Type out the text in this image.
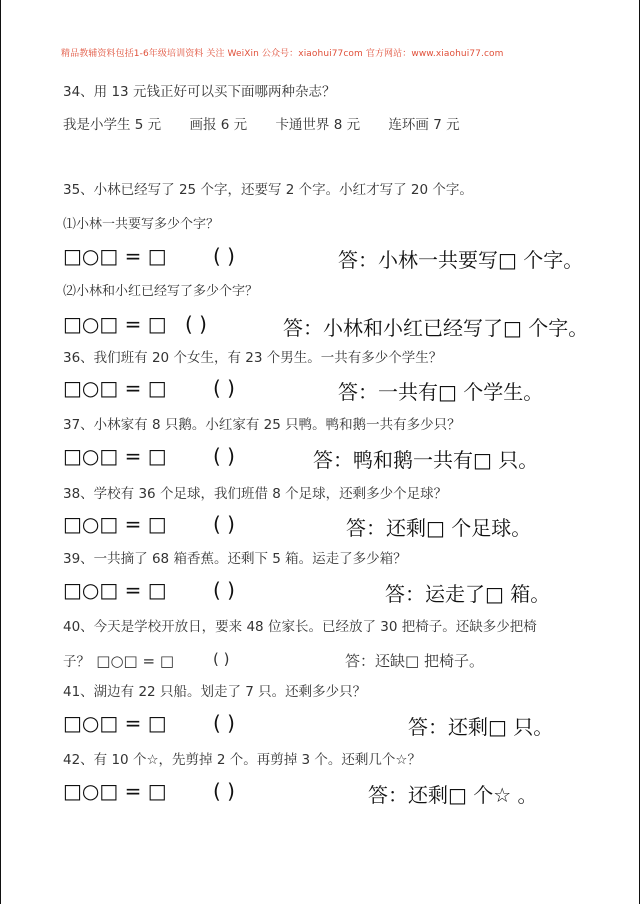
精品教辅资料包括1-6年级培训资料 关注 WeiXin 公众号：xiaohui77com 官方网站：www.xiaohui77.com
34、用 13 元钱正好可以买下面哪两种杂志？
我是小学生 5 元 画报 6 元 卡通世界 8 元 连环画 7 元
35、小林已经写了 25 个字，还要写 2 个字。小红才写了 20 个字。
⑴小林一共要写多少个字？
□○□ = □ ( )	答：小林一共要写□ 个字。
⑵小林和小红已经写了多少个字？
□○□ = □ ( )	答：小林和小红已经写了□ 个字。
36、我们班有 20 个女生，有 23 个男生。一共有多少个学生？
□○□ = □ ( )	答：一共有□ 个学生。
37、小林家有 8 只鹅。小红家有 25 只鸭。鸭和鹅一共有多少只？
□○□ = □ ( )	答：鸭和鹅一共有□ 只。
38、学校有 36 个足球，我们班借 8 个足球，还剩多少个足球？
□○□ = □ ( )	答：还剩□ 个足球。
39、一共摘了 68 箱香蕉。还剩下 5 箱。运走了多少箱？
□○□ = □ ( )	答：运走了□ 箱。
40、今天是学校开放日，要来 48 位家长。已经放了 30 把椅子。还缺多少把椅
子？ □○□ = □	( )	答：还缺□ 把椅子。
41、湖边有 22 只船。划走了 7 只。还剩多少只？
□○□ = □ ( )	答：还剩□ 只。
42、有 10 个☆，先剪掉 2 个。再剪掉 3 个。还剩几个☆？
□○□ = □ ( )	答：还剩□ 个☆ 。
